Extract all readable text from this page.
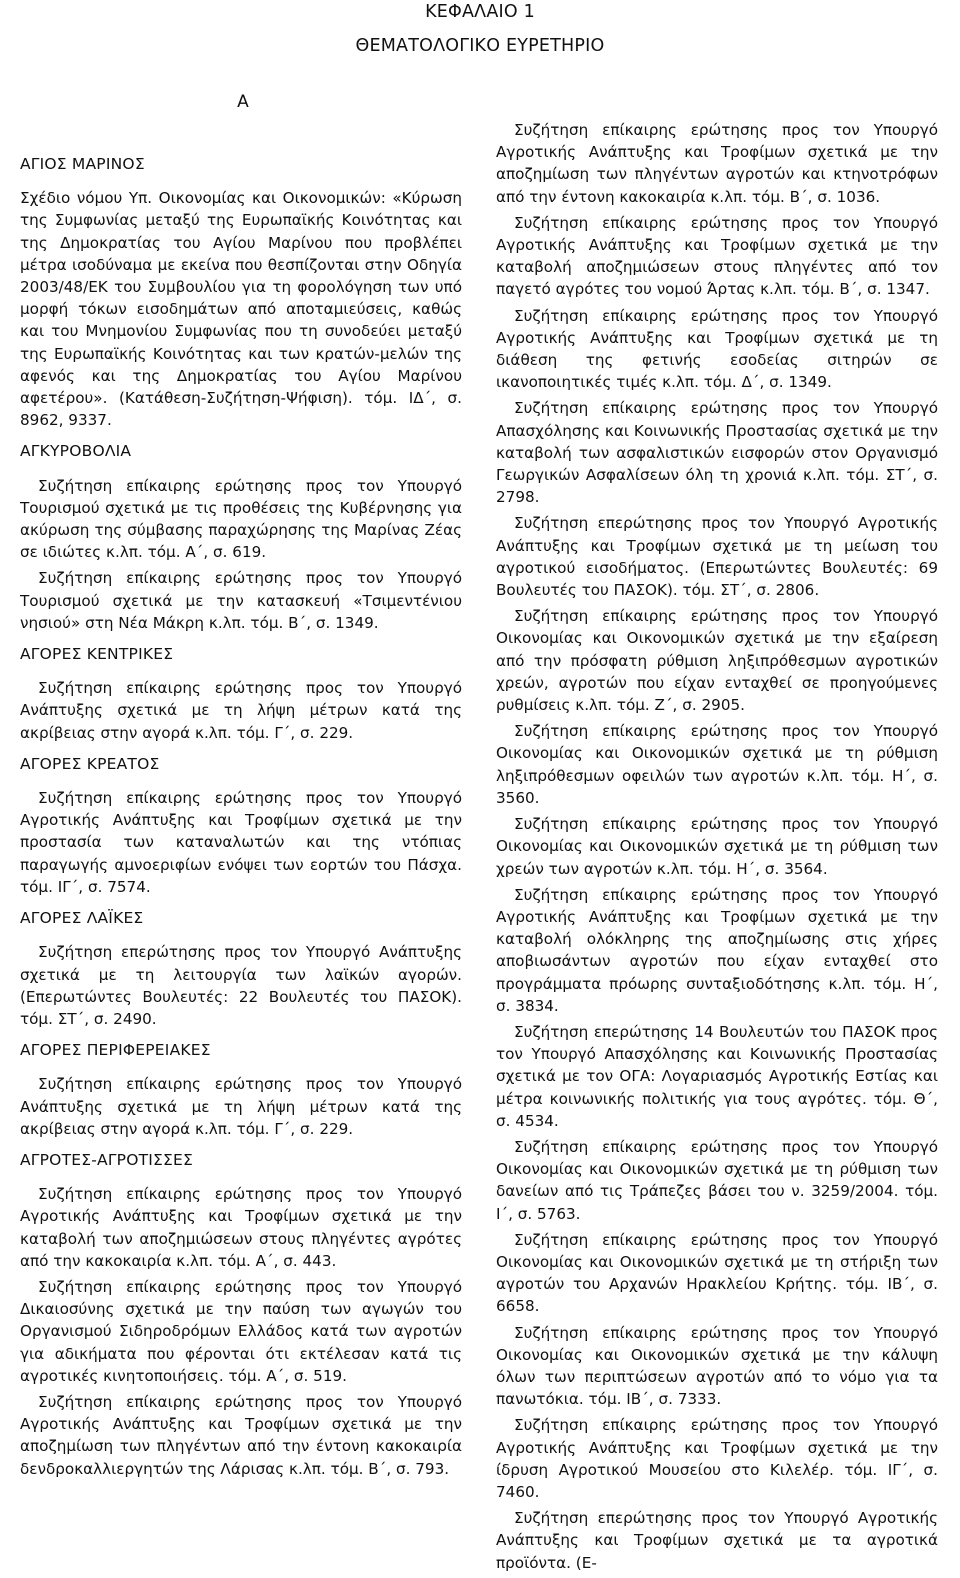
ΚΕΦΑΛΑΙΟ 1
ΘΕΜΑΤΟΛΟΓΙΚΟ ΕΥΡΕΤΗΡΙΟ
Α
ΑΓΙΟΣ ΜΑΡΙΝΟΣ

Σχέδιο νόμου Υπ. Οικονομίας και Οικονομικών: «Κύρωση της Συμφωνίας μεταξύ της Ευρωπαϊκής Κοινότητας και της Δημοκρατίας του Αγίου Μαρίνου που προβλέπει μέτρα ισοδύναμα με εκείνα που θεσπίζονται στην Οδηγία 2003/48/ΕΚ του Συμβουλίου για τη φορολόγηση των υπό μορφή τόκων εισοδημάτων από αποταμιεύσεις, καθώς και του Μνημονίου Συμφωνίας που τη συνοδεύει μεταξύ της Ευρωπαϊκής Κοινότητας και των κρατών-μελών της αφενός και της Δημοκρατίας του Αγίου Μαρίνου αφετέρου». (Κατάθεση-Συζήτηση-Ψήφιση). τόμ. ΙΔ΄, σ. 8962, 9337.

ΑΓΚΥΡΟΒΟΛΙΑ

Συζήτηση επίκαιρης ερώτησης προς τον Υπουργό Τουρισμού σχετικά με τις προθέσεις της Κυβέρνησης για ακύρωση της σύμβασης παραχώρησης της Μαρίνας Ζέας σε ιδιώτες κ.λπ. τόμ. Α΄, σ. 619.

Συζήτηση επίκαιρης ερώτησης προς τον Υπουργό Τουρισμού σχετικά με την κατασκευή «Τσιμεντένιου νησιού» στη Νέα Μάκρη κ.λπ. τόμ. Β΄, σ. 1349.

ΑΓΟΡΕΣ ΚΕΝΤΡΙΚΕΣ

Συζήτηση επίκαιρης ερώτησης προς τον Υπουργό Ανάπτυξης σχετικά με τη λήψη μέτρων κατά της ακρίβειας στην αγορά κ.λπ. τόμ. Γ΄, σ. 229.

ΑΓΟΡΕΣ ΚΡΕΑΤΟΣ

Συζήτηση επίκαιρης ερώτησης προς τον Υπουργό Αγροτικής Ανάπτυξης και Τροφίμων σχετικά με την προστασία των καταναλωτών και της ντόπιας παραγωγής αμνοεριφίων ενόψει των εορτών του Πάσχα. τόμ. ΙΓ΄, σ. 7574.

ΑΓΟΡΕΣ ΛΑΪΚΕΣ

Συζήτηση επερώτησης προς τον Υπουργό Ανάπτυξης σχετικά με τη λειτουργία των λαϊκών αγορών. (Επερωτώντες Βουλευτές: 22 Βουλευτές του ΠΑΣΟΚ). τόμ. ΣΤ΄, σ. 2490.

ΑΓΟΡΕΣ ΠΕΡΙΦΕΡΕΙΑΚΕΣ

Συζήτηση επίκαιρης ερώτησης προς τον Υπουργό Ανάπτυξης σχετικά με τη λήψη μέτρων κατά της ακρίβειας στην αγορά κ.λπ. τόμ. Γ΄, σ. 229.

ΑΓΡΟΤΕΣ-ΑΓΡΟΤΙΣΣΕΣ

Συζήτηση επίκαιρης ερώτησης προς τον Υπουργό Αγροτικής Ανάπτυξης και Τροφίμων σχετικά με την καταβολή των αποζημιώσεων στους πληγέντες αγρότες από την κακοκαιρία κ.λπ. τόμ. Α΄, σ. 443.

Συζήτηση επίκαιρης ερώτησης προς τον Υπουργό Δικαιοσύνης σχετικά με την παύση των αγωγών του Οργανισμού Σιδηροδρόμων Ελλάδος κατά των αγροτών για αδικήματα που φέρονται ότι εκτέλεσαν κατά τις αγροτικές κινητοποιήσεις. τόμ. Α΄, σ. 519.

Συζήτηση επίκαιρης ερώτησης προς τον Υπουργό Αγροτικής Ανάπτυξης και Τροφίμων σχετικά με την αποζημίωση των πληγέντων από την έντονη κακοκαιρία δενδροκαλλιεργητών της Λάρισας κ.λπ. τόμ. Β΄, σ. 793.

Συζήτηση επίκαιρης ερώτησης προς τον Υπουργό Αγροτικής Ανάπτυξης και Τροφίμων σχετικά με την αποζημίωση των πληγέντων αγροτών και κτηνοτρόφων από την έντονη κακοκαιρία κ.λπ. τόμ. Β΄, σ. 1036.

Συζήτηση επίκαιρης ερώτησης προς τον Υπουργό Αγροτικής Ανάπτυξης και Τροφίμων σχετικά με την καταβολή αποζημιώσεων στους πληγέντες από τον παγετό αγρότες του νομού Άρτας κ.λπ. τόμ. Β΄, σ. 1347.

Συζήτηση επίκαιρης ερώτησης προς τον Υπουργό Αγροτικής Ανάπτυξης και Τροφίμων σχετικά με τη διάθεση της φετινής εσοδείας σιτηρών σε ικανοποιητικές τιμές κ.λπ. τόμ. Δ΄, σ. 1349.

Συζήτηση επίκαιρης ερώτησης προς τον Υπουργό Απασχόλησης και Κοινωνικής Προστασίας σχετικά με την καταβολή των ασφαλιστικών εισφορών στον Οργανισμό Γεωργικών Ασφαλίσεων όλη τη χρονιά κ.λπ. τόμ. ΣΤ΄, σ. 2798.

Συζήτηση επερώτησης προς τον Υπουργό Αγροτικής Ανάπτυξης και Τροφίμων σχετικά με τη μείωση του αγροτικού εισοδήματος. (Επερωτώντες Βουλευτές: 69 Βουλευτές του ΠΑΣΟΚ). τόμ. ΣΤ΄, σ. 2806.

Συζήτηση επίκαιρης ερώτησης προς τον Υπουργό Οικονομίας και Οικονομικών σχετικά με την εξαίρεση από την πρόσφατη ρύθμιση ληξιπρόθεσμων αγροτικών χρεών, αγροτών που είχαν ενταχθεί σε προηγούμενες ρυθμίσεις κ.λπ. τόμ. Ζ΄, σ. 2905.

Συζήτηση επίκαιρης ερώτησης προς τον Υπουργό Οικονομίας και Οικονομικών σχετικά με τη ρύθμιση ληξιπρόθεσμων οφειλών των αγροτών κ.λπ. τόμ. Η΄, σ. 3560.

Συζήτηση επίκαιρης ερώτησης προς τον Υπουργό Οικονομίας και Οικονομικών σχετικά με τη ρύθμιση των χρεών των αγροτών κ.λπ. τόμ. Η΄, σ. 3564.

Συζήτηση επίκαιρης ερώτησης προς τον Υπουργό Αγροτικής Ανάπτυξης και Τροφίμων σχετικά με την καταβολή ολόκληρης της αποζημίωσης στις χήρες αποβιωσάντων αγροτών που είχαν ενταχθεί στο προγράμματα πρόωρης συνταξιοδότησης κ.λπ. τόμ. Η΄, σ. 3834.

Συζήτηση επερώτησης 14 Βουλευτών του ΠΑΣΟΚ προς τον Υπουργό Απασχόλησης και Κοινωνικής Προστασίας σχετικά με τον ΟΓΑ: Λογαριασμός Αγροτικής Εστίας και μέτρα κοινωνικής πολιτικής για τους αγρότες. τόμ. Θ΄, σ. 4534.

Συζήτηση επίκαιρης ερώτησης προς τον Υπουργό Οικονομίας και Οικονομικών σχετικά με τη ρύθμιση των δανείων από τις Τράπεζες βάσει του ν. 3259/2004. τόμ. Ι΄, σ. 5763.

Συζήτηση επίκαιρης ερώτησης προς τον Υπουργό Οικονομίας και Οικονομικών σχετικά με τη στήριξη των αγροτών του Αρχανών Ηρακλείου Κρήτης. τόμ. ΙΒ΄, σ. 6658.

Συζήτηση επίκαιρης ερώτησης προς τον Υπουργό Οικονομίας και Οικονομικών σχετικά με την κάλυψη όλων των περιπτώσεων αγροτών από το νόμο για τα πανωτόκια. τόμ. ΙΒ΄, σ. 7333.

Συζήτηση επίκαιρης ερώτησης προς τον Υπουργό Αγροτικής Ανάπτυξης και Τροφίμων σχετικά με την ίδρυση Αγροτικού Μουσείου στο Κιλελέρ. τόμ. ΙΓ΄, σ. 7460.

Συζήτηση επερώτησης προς τον Υπουργό Αγροτικής Ανάπτυξης και Τροφίμων σχετικά με τα αγροτικά προϊόντα. (Ε-
